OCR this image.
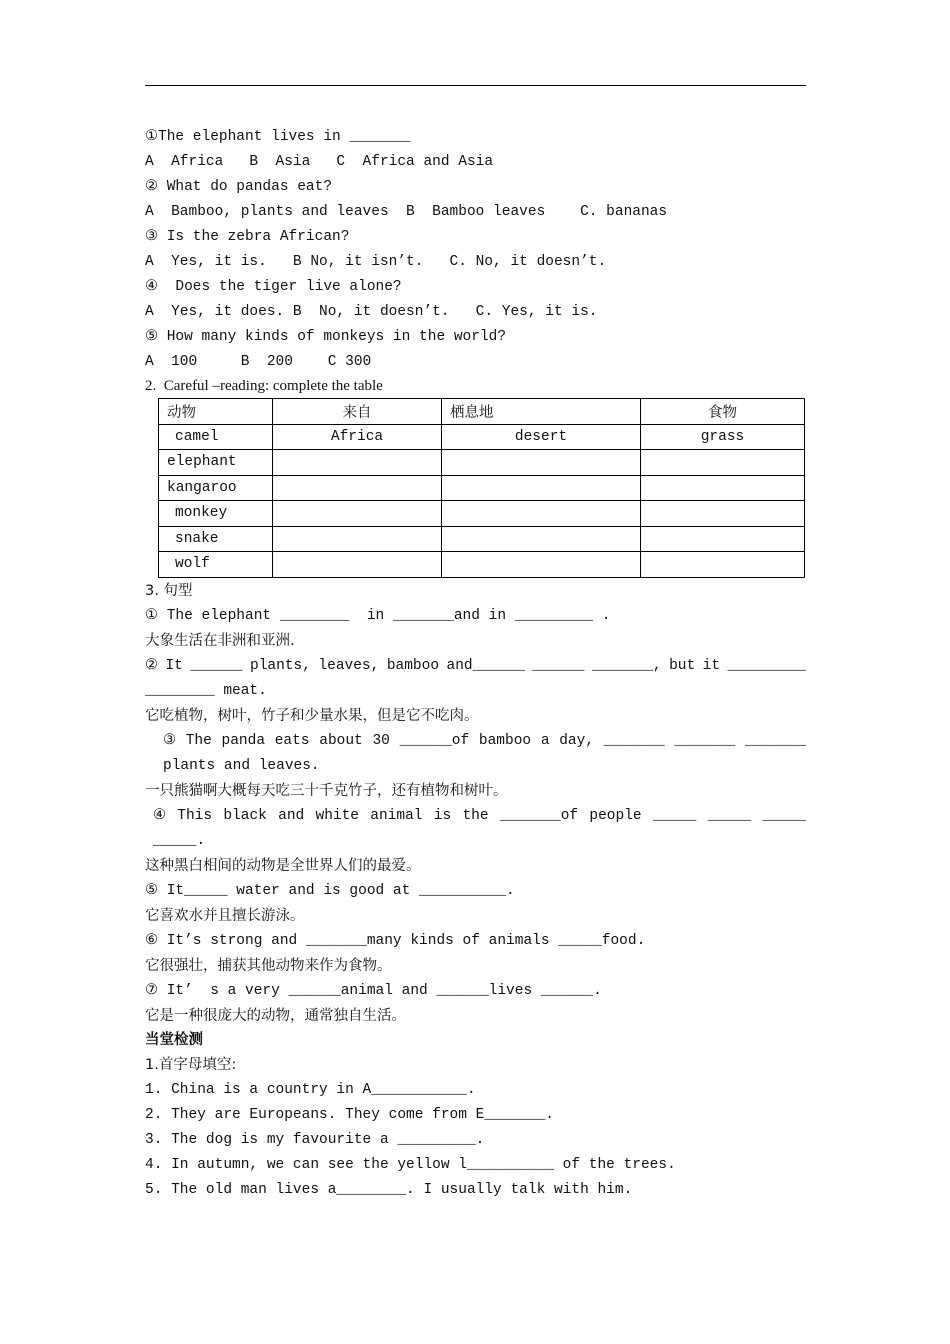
①The elephant lives in _______
A  Africa   B  Asia   C  Africa and Asia
② What do pandas eat?
A  Bamboo, plants and leaves  B  Bamboo leaves    C. bananas
③ Is the zebra African?
A  Yes, it is.   B No, it isn’t.   C. No, it doesn’t.
④  Does the tiger live alone?
A  Yes, it does. B  No, it doesn’t.   C. Yes, it is.
⑤ How many kinds of monkeys in the world?
A  100     B  200    C 300
2.  Careful –reading: complete the table
动物	来自	栖息地	食物
camel	Africa	desert	grass
elephant			
kangaroo			
monkey			
snake			
wolf			
3. 句型
① The elephant ________  in _______and in _________ .
大象生活在非洲和亚洲.
② It ______ plants, leaves, bamboo and______ ______ _______, but it _________
________ meat.
它吃植物，树叶，竹子和少量水果，但是它不吃肉。
③ The panda eats about 30 ______of bamboo a day, _______ _______ _______
plants and leaves.
一只熊猫啊大概每天吃三十千克竹子，还有植物和树叶。
④ This black and white animal is the _______of people _____ _____ _____
_____.
这种黑白相间的动物是全世界人们的最爱。
⑤ It_____ water and is good at __________.
它喜欢水并且擅长游泳。
⑥ It’s strong and _______many kinds of animals _____food.
它很强壮，捕获其他动物来作为食物。
⑦ It’  s a very ______animal and ______lives ______.
它是一种很庞大的动物，通常独自生活。
当堂检测
1.首字母填空:
1. China is a country in A___________.
2. They are Europeans. They come from E_______.
3. The dog is my favourite a _________.
4. In autumn, we can see the yellow l__________ of the trees.
5. The old man lives a________. I usually talk with him.
